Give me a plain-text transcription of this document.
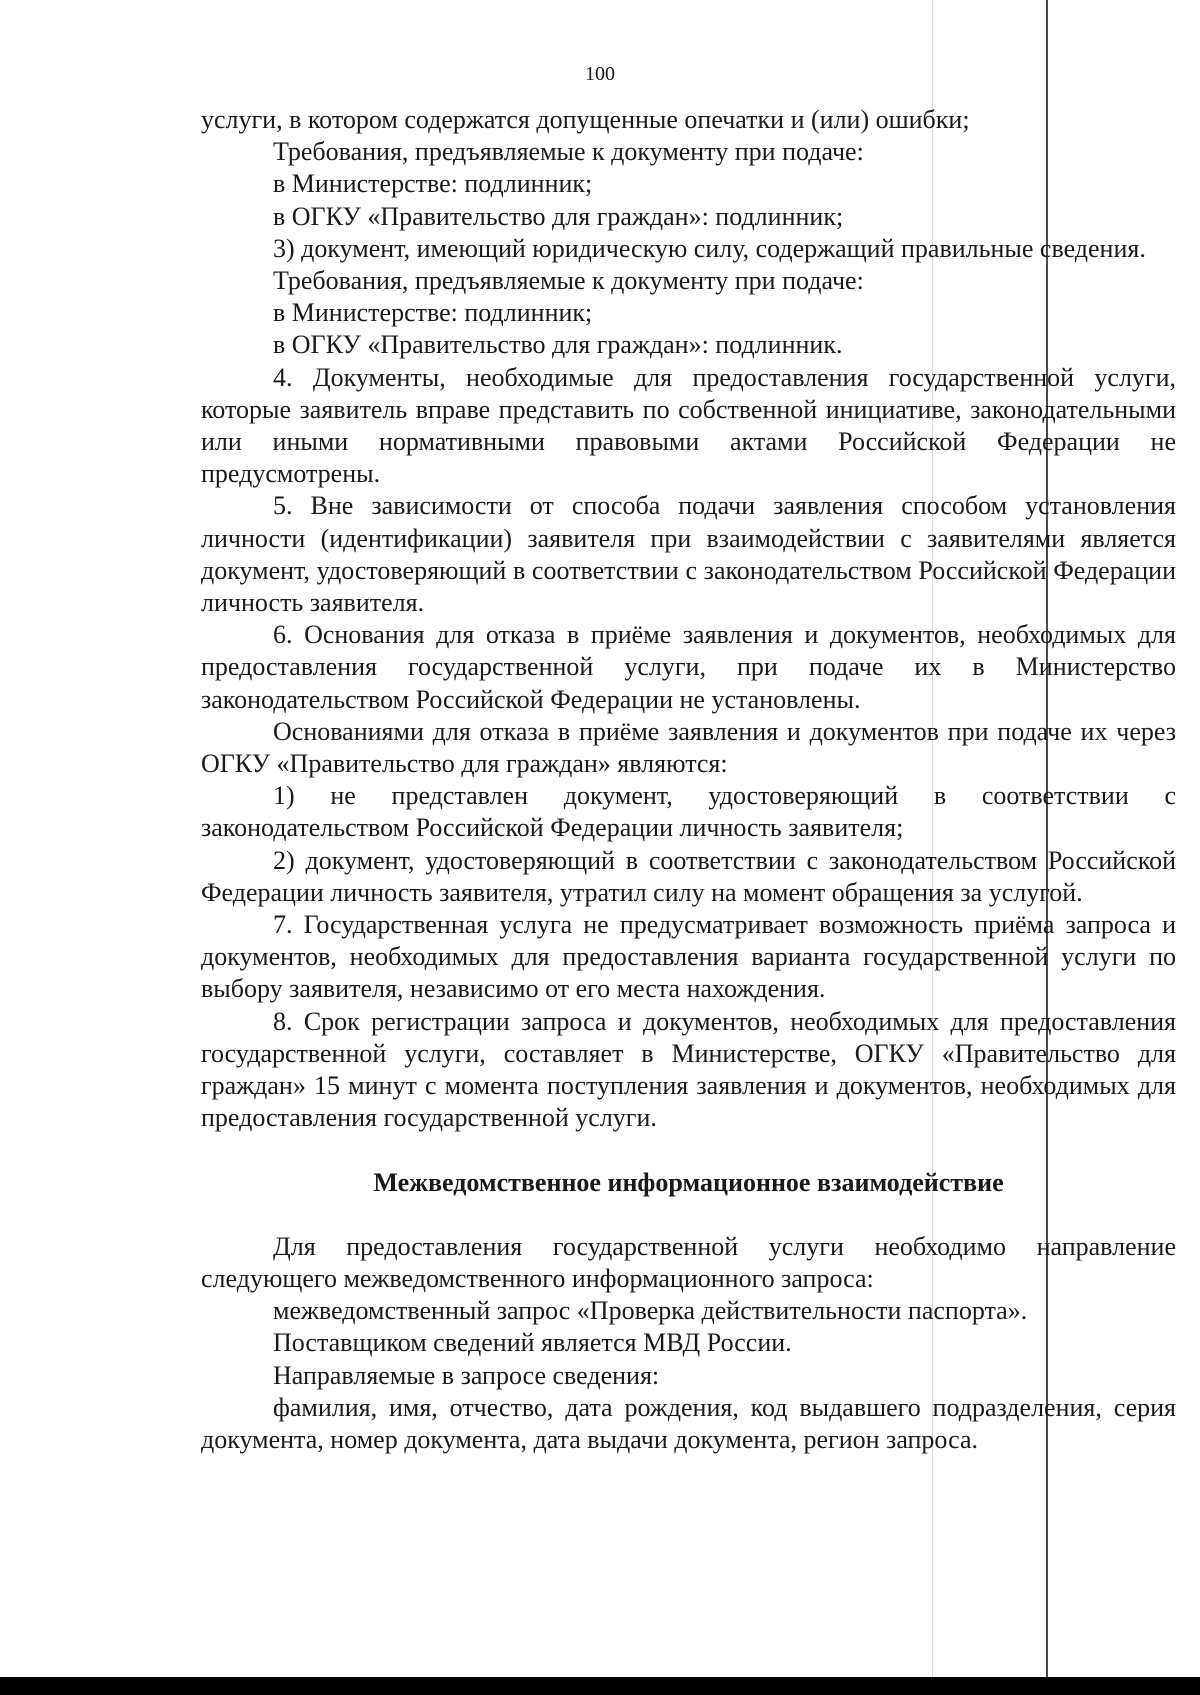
100

услуги, в котором содержатся допущенные опечатки и (или) ошибки;

Требования, предъявляемые к документу при подаче:

в Министерстве: подлинник;

в ОГКУ «Правительство для граждан»: подлинник;

3) документ, имеющий юридическую силу, содержащий правильные сведения.

Требования, предъявляемые к документу при подаче:

в Министерстве: подлинник;

в ОГКУ «Правительство для граждан»: подлинник.

4. Документы, необходимые для предоставления государственной услуги, которые заявитель вправе представить по собственной инициативе, законодательными или иными нормативными правовыми актами Российской Федерации не предусмотрены.

5. Вне зависимости от способа подачи заявления способом установления личности (идентификации) заявителя при взаимодействии с заявителями является документ, удостоверяющий в соответствии с законодательством Российской Федерации личность заявителя.

6. Основания для отказа в приёме заявления и документов, необходимых для предоставления государственной услуги, при подаче их в Министерство законодательством Российской Федерации не установлены.

Основаниями для отказа в приёме заявления и документов при подаче их через ОГКУ «Правительство для граждан» являются:

1) не представлен документ, удостоверяющий в соответствии с законодательством Российской Федерации личность заявителя;

2) документ, удостоверяющий в соответствии с законодательством Российской Федерации личность заявителя, утратил силу на момент обращения за услугой.

7. Государственная услуга не предусматривает возможность приёма запроса и документов, необходимых для предоставления варианта государственной услуги по выбору заявителя, независимо от его места нахождения.

8. Срок регистрации запроса и документов, необходимых для предоставления государственной услуги, составляет в Министерстве, ОГКУ «Правительство для граждан» 15 минут с момента поступления заявления и документов, необходимых для предоставления государственной услуги.

Межведомственное информационное взаимодействие

Для предоставления государственной услуги необходимо направление следующего межведомственного информационного запроса:

межведомственный запрос «Проверка действительности паспорта».

Поставщиком сведений является МВД России.

Направляемые в запросе сведения:

фамилия, имя, отчество, дата рождения, код выдавшего подразделения, серия документа, номер документа, дата выдачи документа, регион запроса.
